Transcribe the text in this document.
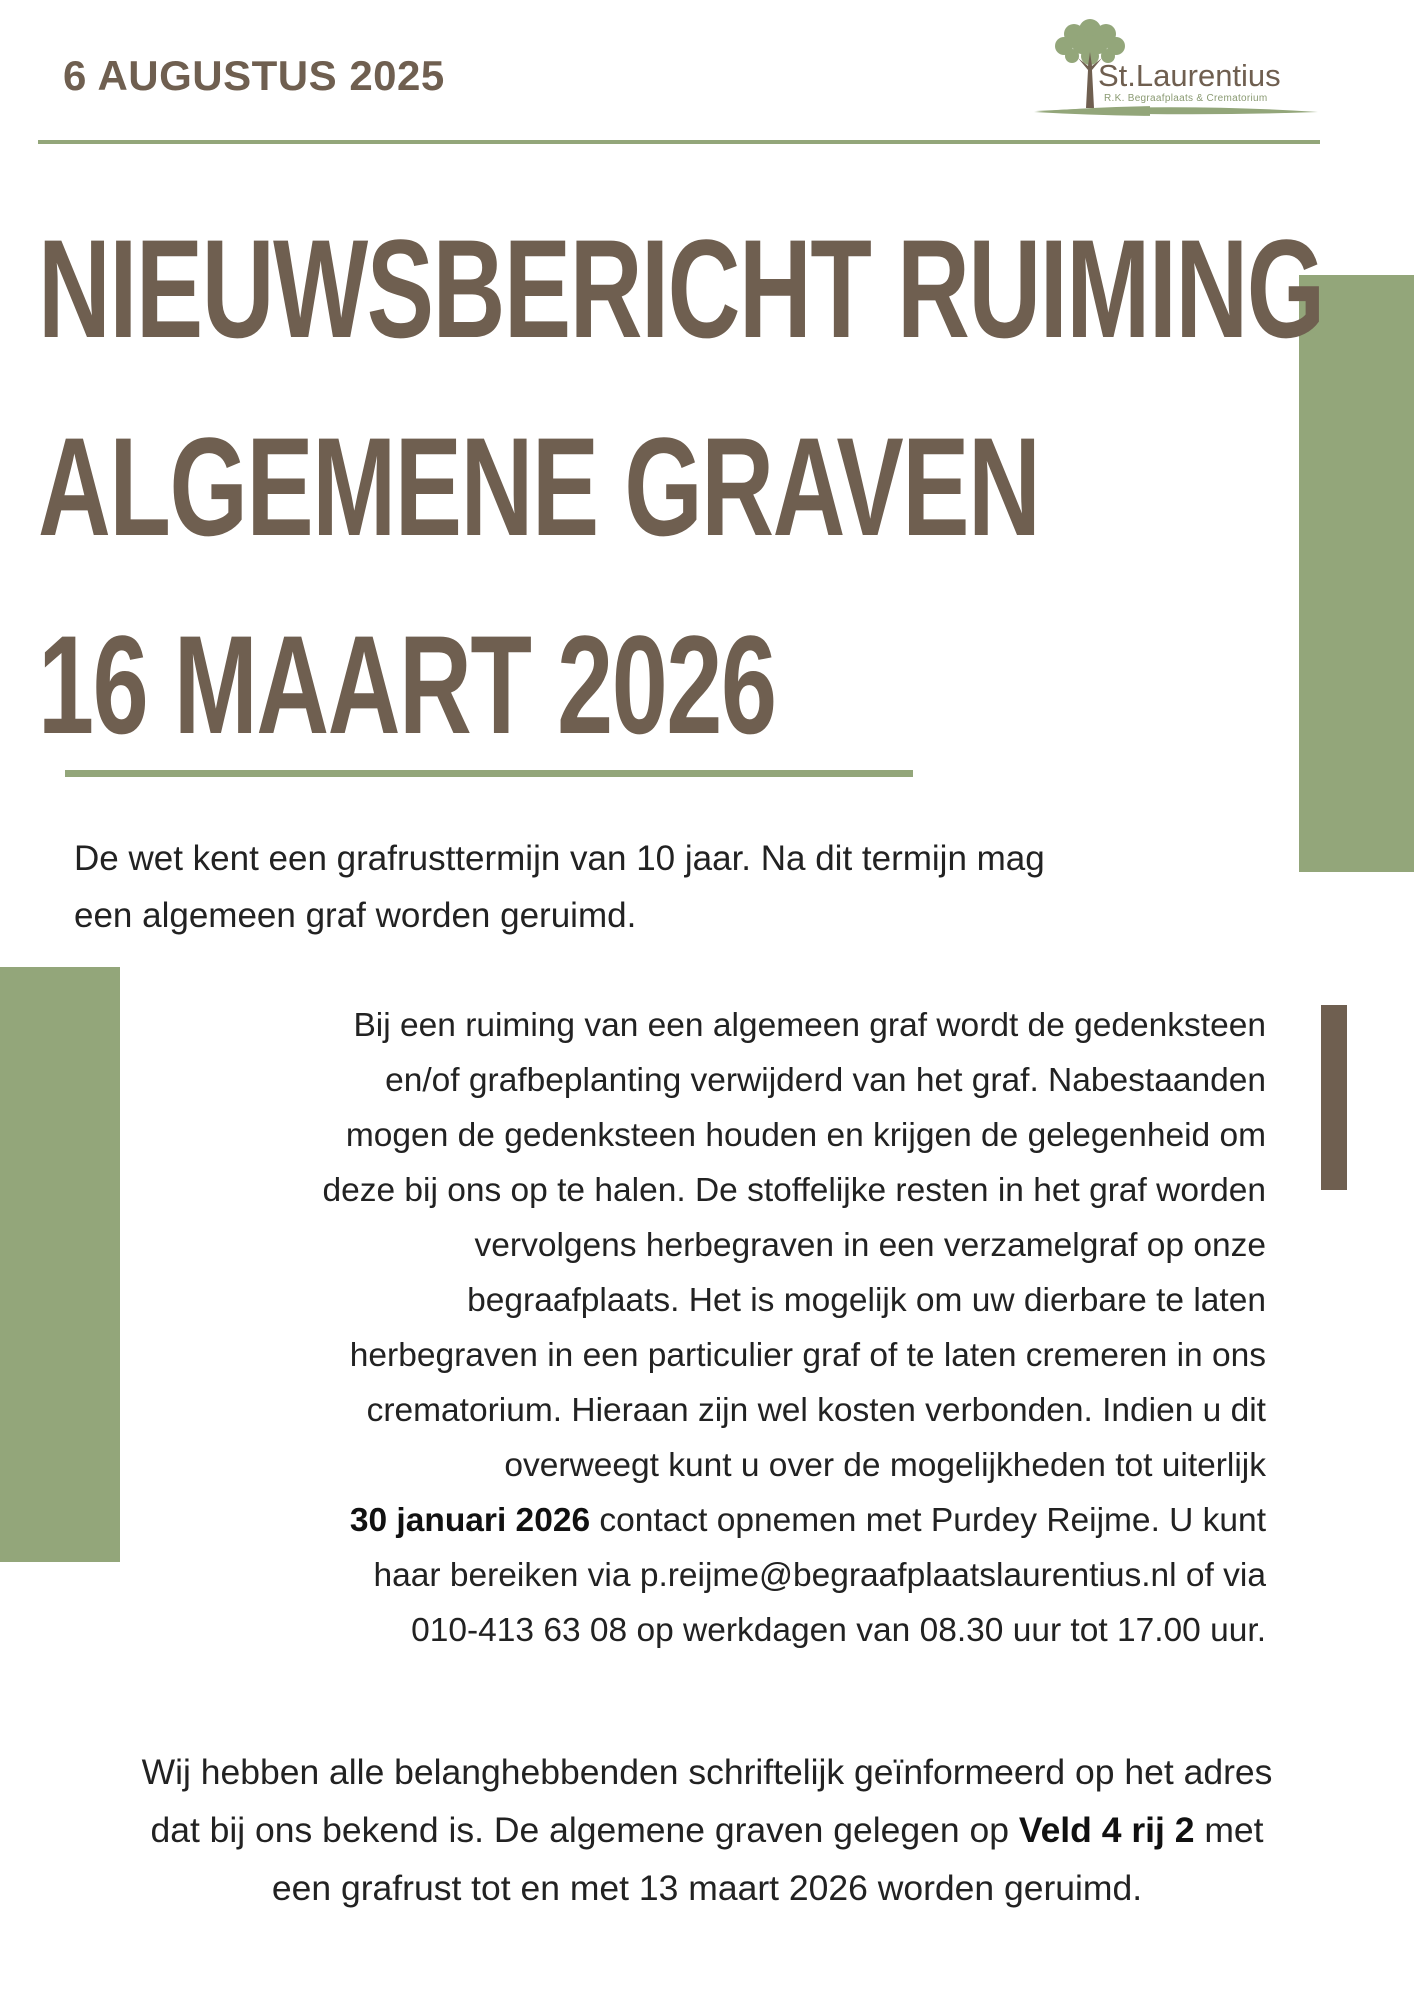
6 AUGUSTUS 2025	St.Laurentius
R.K. Begraafplaats & Crematorium
NIEUWSBERICHT RUIMING
ALGEMENE GRAVEN
16 MAART 2026

De wet kent een grafrusttermijn van 10 jaar. Na dit termijn mag
een algemeen graf worden geruimd.

Bij een ruiming van een algemeen graf wordt de gedenksteen
en/of grafbeplanting verwijderd van het graf. Nabestaanden
mogen de gedenksteen houden en krijgen de gelegenheid om
deze bij ons op te halen. De stoffelijke resten in het graf worden
vervolgens herbegraven in een verzamelgraf op onze
begraafplaats. Het is mogelijk om uw dierbare te laten
herbegraven in een particulier graf of te laten cremeren in ons
crematorium. Hieraan zijn wel kosten verbonden. Indien u dit
overweegt kunt u over de mogelijkheden tot uiterlijk
30 januari 2026 contact opnemen met Purdey Reijme. U kunt
haar bereiken via p.reijme@begraafplaatslaurentius.nl of via
010-413 63 08 op werkdagen van 08.30 uur tot 17.00 uur.

Wij hebben alle belanghebbenden schriftelijk geïnformeerd op het adres
dat bij ons bekend is. De algemene graven gelegen op Veld 4 rij 2 met
een grafrust tot en met 13 maart 2026 worden geruimd.
